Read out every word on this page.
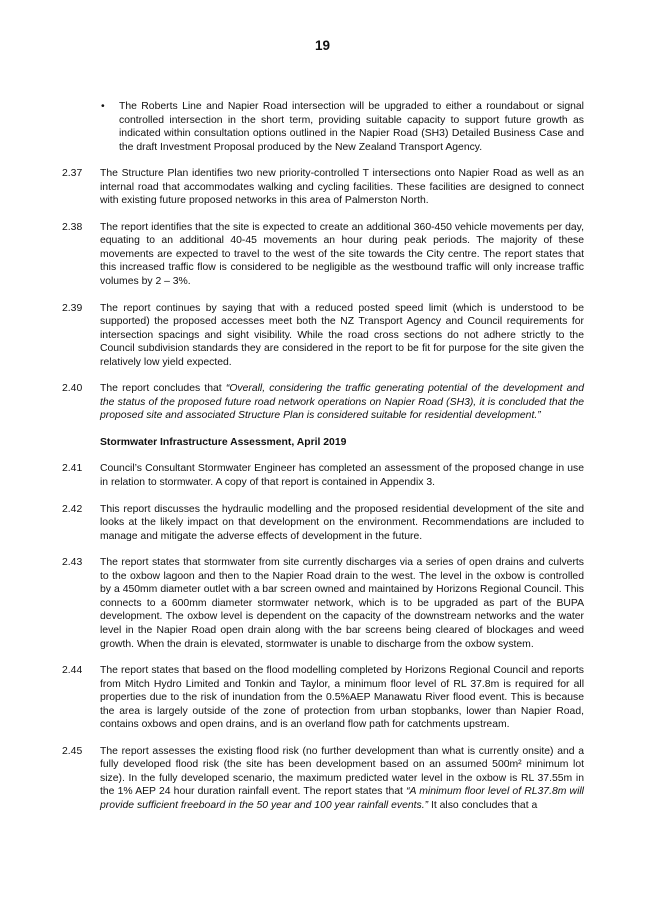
19
• The Roberts Line and Napier Road intersection will be upgraded to either a roundabout or signal controlled intersection in the short term, providing suitable capacity to support future growth as indicated within consultation options outlined in the Napier Road (SH3) Detailed Business Case and the draft Investment Proposal produced by the New Zealand Transport Agency.
2.37 The Structure Plan identifies two new priority-controlled T intersections onto Napier Road as well as an internal road that accommodates walking and cycling facilities. These facilities are designed to connect with existing future proposed networks in this area of Palmerston North.
2.38 The report identifies that the site is expected to create an additional 360-450 vehicle movements per day, equating to an additional 40-45 movements an hour during peak periods. The majority of these movements are expected to travel to the west of the site towards the City centre. The report states that this increased traffic flow is considered to be negligible as the westbound traffic will only increase traffic volumes by 2 – 3%.
2.39 The report continues by saying that with a reduced posted speed limit (which is understood to be supported) the proposed accesses meet both the NZ Transport Agency and Council requirements for intersection spacings and sight visibility. While the road cross sections do not adhere strictly to the Council subdivision standards they are considered in the report to be fit for purpose for the site given the relatively low yield expected.
2.40 The report concludes that “Overall, considering the traffic generating potential of the development and the status of the proposed future road network operations on Napier Road (SH3), it is concluded that the proposed site and associated Structure Plan is considered suitable for residential development.”
Stormwater Infrastructure Assessment, April 2019
2.41 Council’s Consultant Stormwater Engineer has completed an assessment of the proposed change in use in relation to stormwater. A copy of that report is contained in Appendix 3.
2.42 This report discusses the hydraulic modelling and the proposed residential development of the site and looks at the likely impact on that development on the environment. Recommendations are included to manage and mitigate the adverse effects of development in the future.
2.43 The report states that stormwater from site currently discharges via a series of open drains and culverts to the oxbow lagoon and then to the Napier Road drain to the west. The level in the oxbow is controlled by a 450mm diameter outlet with a bar screen owned and maintained by Horizons Regional Council. This connects to a 600mm diameter stormwater network, which is to be upgraded as part of the BUPA development. The oxbow level is dependent on the capacity of the downstream networks and the water level in the Napier Road open drain along with the bar screens being cleared of blockages and weed growth. When the drain is elevated, stormwater is unable to discharge from the oxbow system.
2.44 The report states that based on the flood modelling completed by Horizons Regional Council and reports from Mitch Hydro Limited and Tonkin and Taylor, a minimum floor level of RL 37.8m is required for all properties due to the risk of inundation from the 0.5%AEP Manawatu River flood event. This is because the area is largely outside of the zone of protection from urban stopbanks, lower than Napier Road, contains oxbows and open drains, and is an overland flow path for catchments upstream.
2.45 The report assesses the existing flood risk (no further development than what is currently onsite) and a fully developed flood risk (the site has been development based on an assumed 500m² minimum lot size). In the fully developed scenario, the maximum predicted water level in the oxbow is RL 37.55m in the 1% AEP 24 hour duration rainfall event. The report states that “A minimum floor level of RL37.8m will provide sufficient freeboard in the 50 year and 100 year rainfall events.” It also concludes that a
